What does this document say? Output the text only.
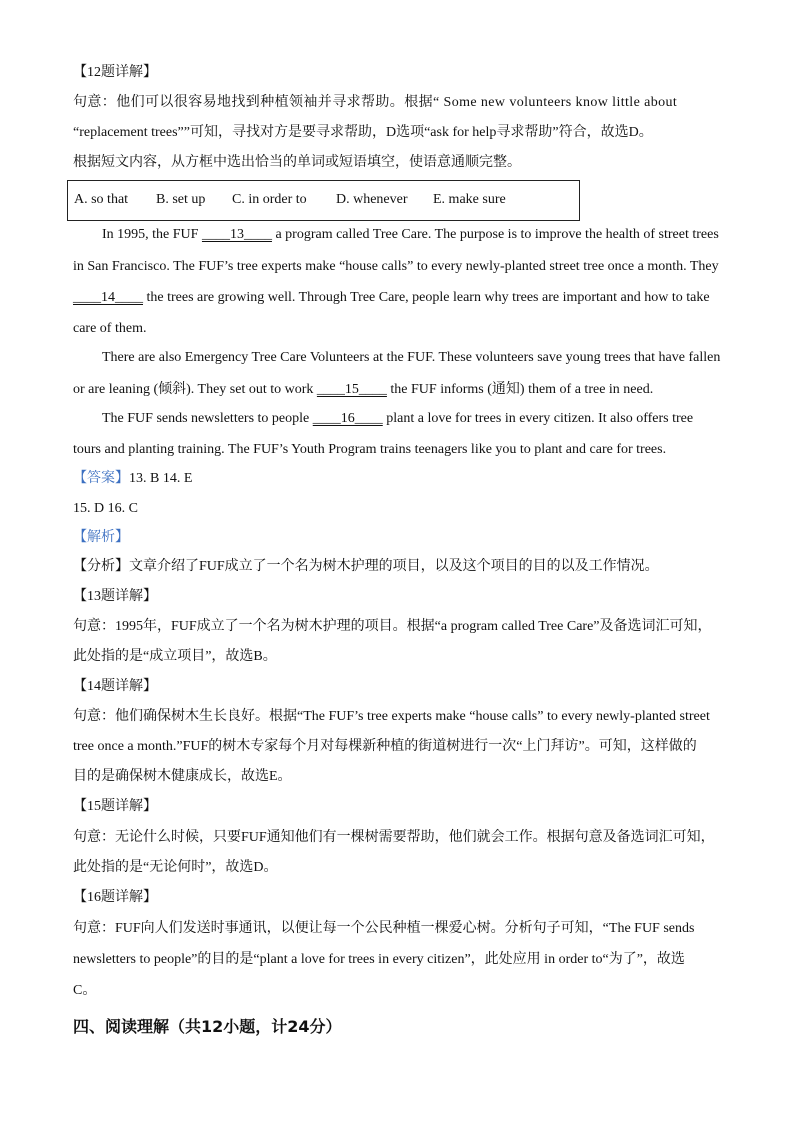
【12题详解】
句意：他们可以很容易地找到种植领袖并寻求帮助。根据“ Some new volunteers know little about
“replacement trees””可知，寻找对方是要寻求帮助，D选项“ask for help寻求帮助”符合，故选D。
根据短文内容，从方框中选出恰当的单词或短语填空，使语意通顺完整。
A. so that B. set up C. in order to D. whenever E. make sure
In 1995, the FUF ____13____ a program called Tree Care. The purpose is to improve the health of street trees
in San Francisco. The FUF’s tree experts make “house calls” to every newly-planted street tree once a month. They
____14____ the trees are growing well. Through Tree Care, people learn why trees are important and how to take
care of them.
There are also Emergency Tree Care Volunteers at the FUF. These volunteers save young trees that have fallen
or are leaning (倾斜). They set out to work ____15____ the FUF informs (通知) them of a tree in need.
The FUF sends newsletters to people ____16____ plant a love for trees in every citizen. It also offers tree
tours and planting training. The FUF’s Youth Program trains teenagers like you to plant and care for trees.
【答案】13. B 14. E
15. D 16. C
【解析】
【分析】文章介绍了FUF成立了一个名为树木护理的项目，以及这个项目的目的以及工作情况。
【13题详解】
句意：1995年，FUF成立了一个名为树木护理的项目。根据“a program called Tree Care”及备选词汇可知，
此处指的是“成立项目”，故选B。
【14题详解】
句意：他们确保树木生长良好。根据“The FUF’s tree experts make “house calls” to every newly-planted street
tree once a month.”FUF的树木专家每个月对每棵新种植的街道树进行一次“上门拜访”。可知，这样做的
目的是确保树木健康成长，故选E。
【15题详解】
句意：无论什么时候，只要FUF通知他们有一棵树需要帮助，他们就会工作。根据句意及备选词汇可知，
此处指的是“无论何时”，故选D。
【16题详解】
句意：FUF向人们发送时事通讯，以便让每一个公民种植一棵爱心树。分析句子可知，“The FUF sends
newsletters to people”的目的是“plant a love for trees in every citizen”，此处应用 in order to“为了”，故选
C。
四、阅读理解（共12小题，计24分）
